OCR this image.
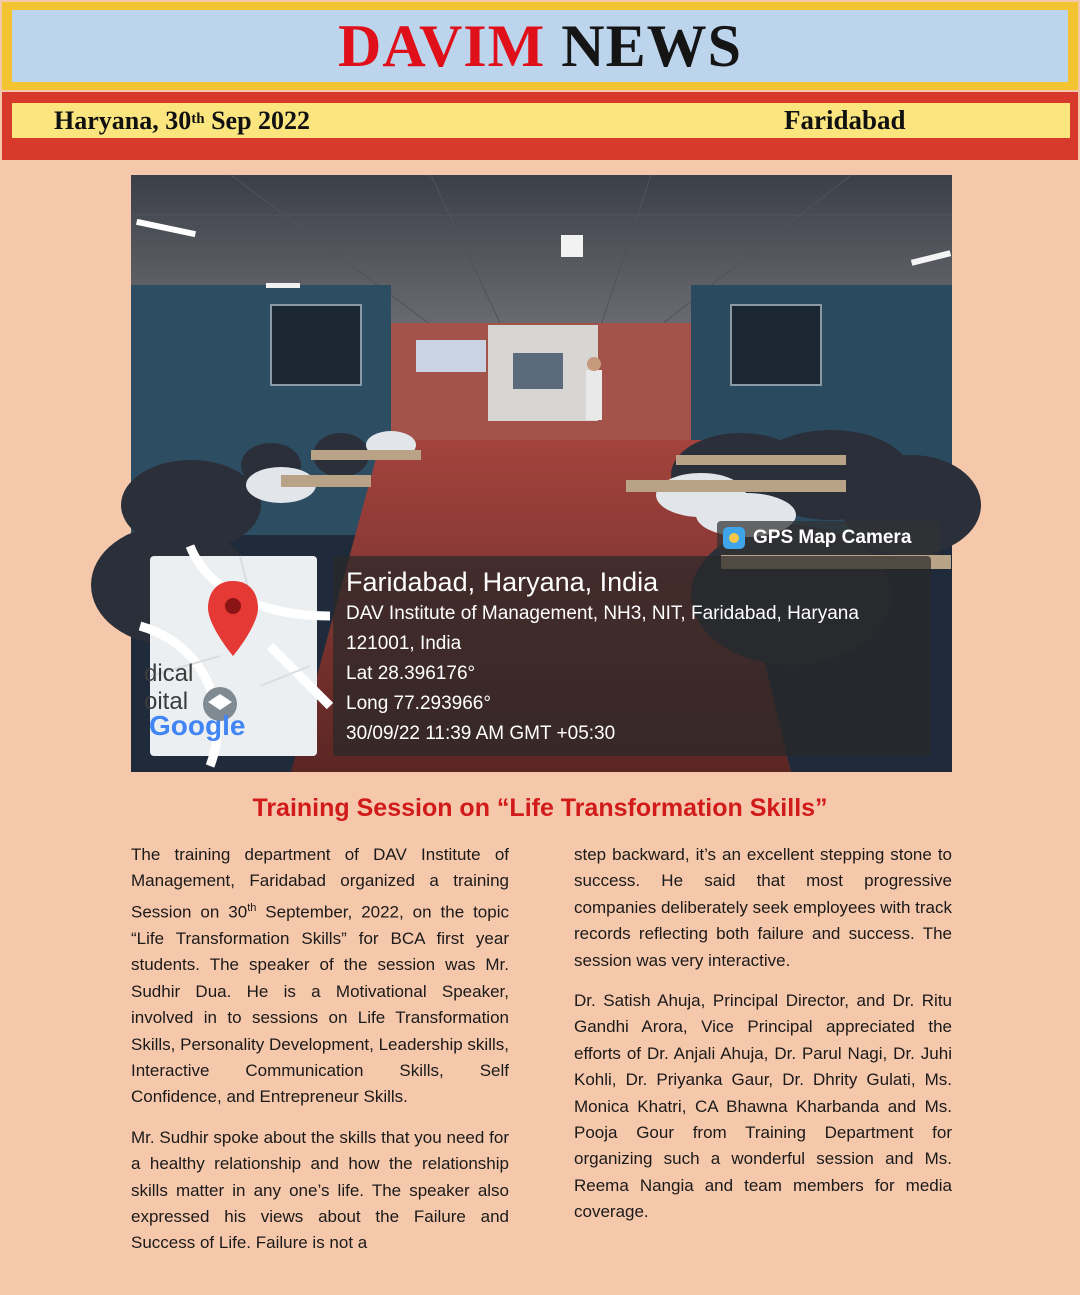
DAVIM NEWS
Haryana, 30th Sep 2022	Faridabad
GPS Map Camera
dical
oital
Google
Faridabad, Haryana, India
DAV Institute of Management, NH3, NIT, Faridabad, Haryana
121001, India
Lat 28.396176°
Long 77.293966°
30/09/22 11:39 AM GMT +05:30
Training Session on “Life Transformation Skills”

The training department of DAV Institute of Management, Faridabad organized a training Session on 30th September, 2022, on the topic “Life Transformation Skills” for BCA first year students. The speaker of the session was Mr. Sudhir Dua. He is a Motivational Speaker, involved in to sessions on Life Transformation Skills, Personality Development, Leadership skills, Interactive Communication Skills, Self Confidence, and Entrepreneur Skills.

Mr. Sudhir spoke about the skills that you need for a healthy relationship and how the relationship skills matter in any one’s life. The speaker also expressed his views about the Failure and Success of Life. Failure is not a

step backward, it’s an excellent stepping stone to success. He said that most progressive companies deliberately seek employees with track records reflecting both failure and success. The session was very interactive.

Dr. Satish Ahuja, Principal Director, and Dr. Ritu Gandhi Arora, Vice Principal appreciated the efforts of Dr. Anjali Ahuja, Dr. Parul Nagi, Dr. Juhi Kohli, Dr. Priyanka Gaur, Dr. Dhrity Gulati, Ms. Monica Khatri, CA Bhawna Kharbanda and Ms. Pooja Gour from Training Department for organizing such a wonderful session and Ms. Reema Nangia and team members for media coverage.
